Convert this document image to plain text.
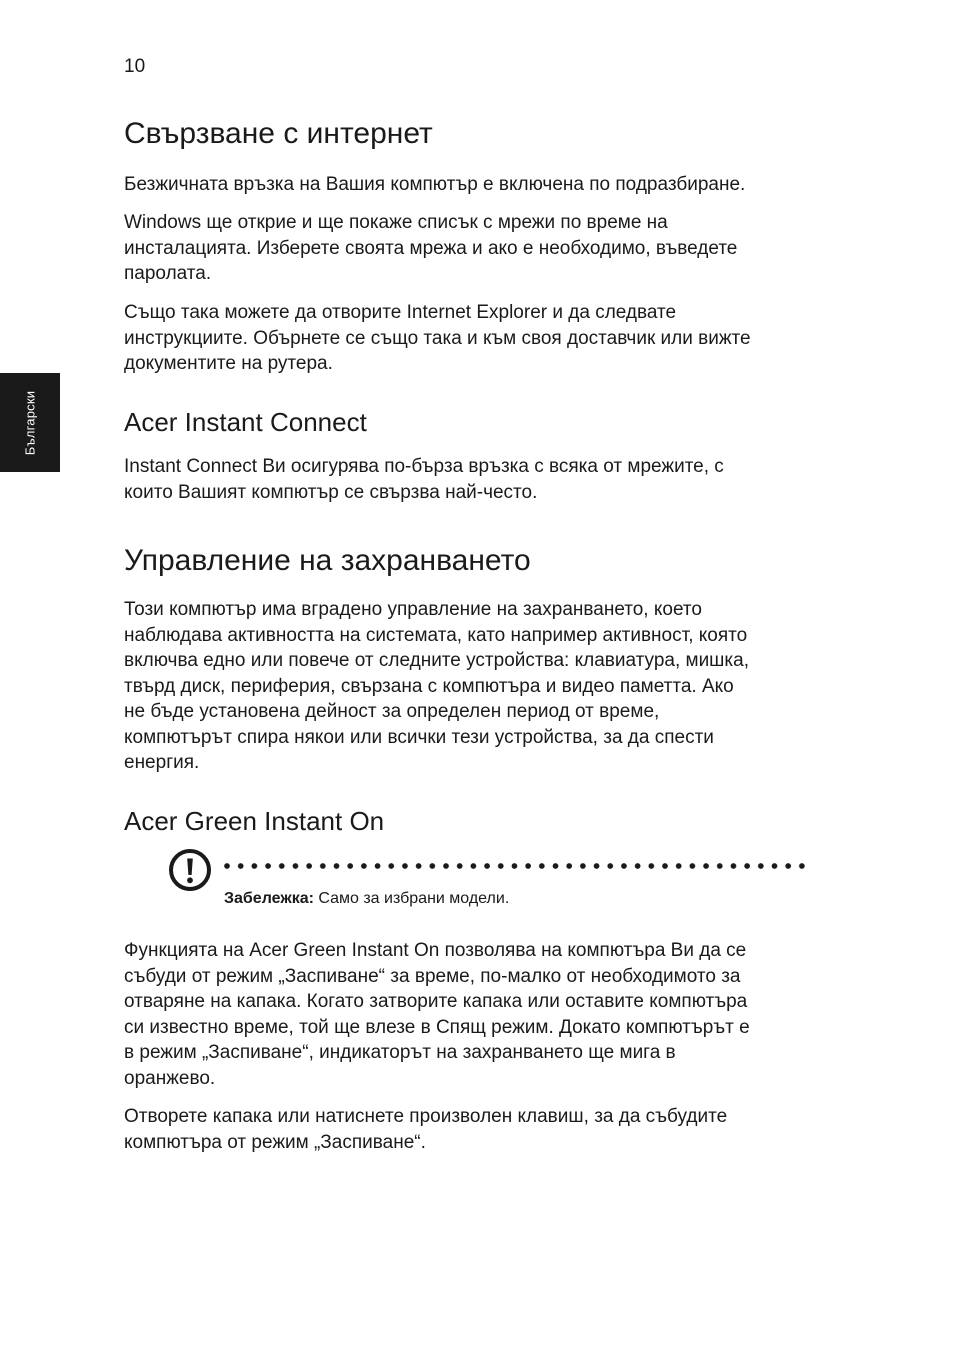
10
Български
Свързване с интернет

Безжичната връзка на Вашия компютър е включена по подразбиране.

Windows ще открие и ще покаже списък с мрежи по време на
инсталацията. Изберете своята мрежа и ако е необходимо, въведете
паролата.

Също така можете да отворите Internet Explorer и да следвате
инструкциите. Обърнете се също така и към своя доставчик или вижте
документите на рутера.

Acer Instant Connect

Instant Connect Ви осигурява по-бърза връзка с всяка от мрежите, с
които Вашият компютър се свързва най-често.

Управление на захранването

Този компютър има вградено управление на захранването, което
наблюдава активността на системата, като например активност, която
включва едно или повече от следните устройства: клавиатура, мишка,
твърд диск, периферия, свързана с компютъра и видео паметта. Ако
не бъде установена дейност за определен период от време,
компютърът спира някои или всички тези устройства, за да спести
енергия.

Acer Green Instant On

Функцията на Acer Green Instant On позволява на компютъра Ви да се
събуди от режим „Заспиване“ за време, по-малко от необходимото за
отваряне на капака. Когато затворите капака или оставите компютъра
си известно време, той ще влезе в Спящ режим. Докато компютърът е
в режим „Заспиване“, индикаторът на захранването ще мига в
оранжево.

Отворете капака или натиснете произволен клавиш, за да събудите
компютъра от режим „Заспиване“.

Забележка: Само за избрани модели.
